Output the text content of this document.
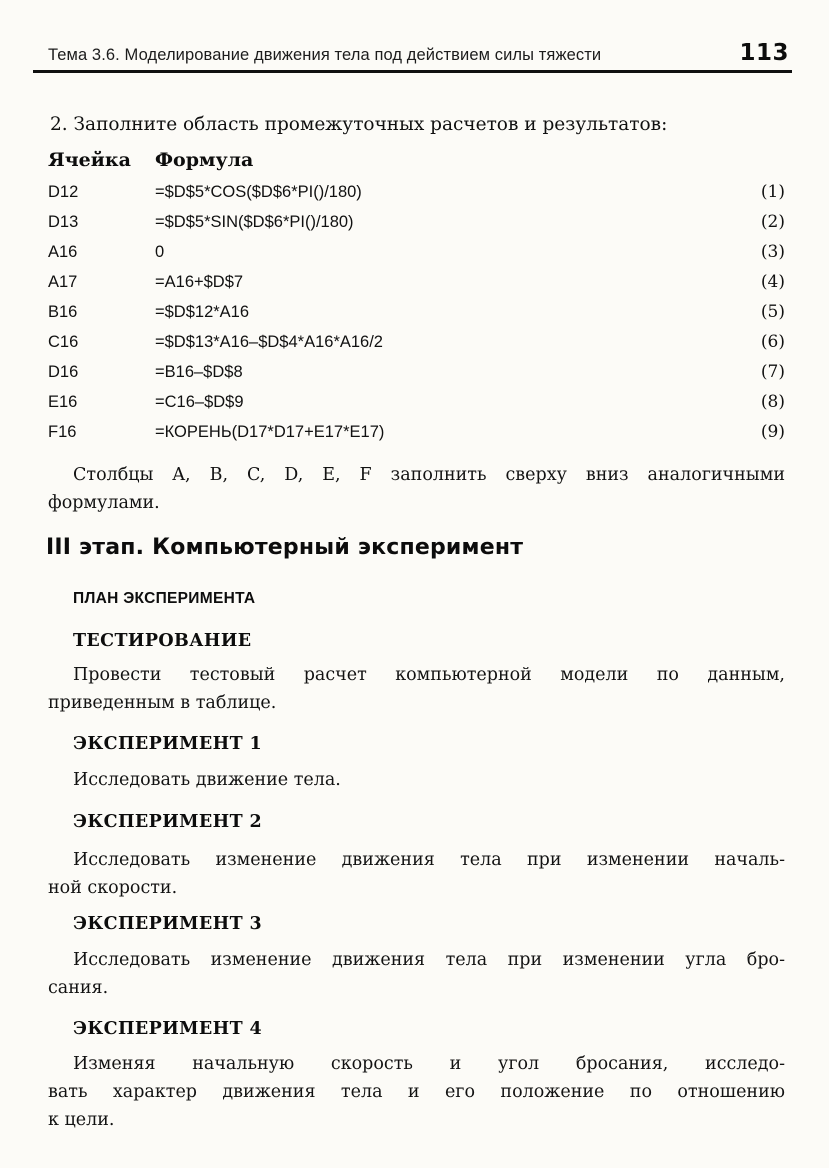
Тема 3.6. Моделирование движения тела под действием силы тяжести	113
2. Заполните область промежуточных расчетов и результатов:
Ячейка	Формула
D12	=$D$5*COS($D$6*PI()/180)	(1)
D13	=$D$5*SIN($D$6*PI()/180)	(2)
A16	0	(3)
A17	=A16+$D$7	(4)
B16	=$D$12*A16	(5)
C16	=$D$13*A16–$D$4*A16*A16/2	(6)
D16	=B16–$D$8	(7)
E16	=C16–$D$9	(8)
F16	=КОРЕНЬ(D17*D17+E17*E17)	(9)
Столбцы A, B, C, D, E, F заполнить сверху вниз аналогичными
формулами.
III этап. Компьютерный эксперимент
ПЛАН ЭКСПЕРИМЕНТА
ТЕСТИРОВАНИЕ
Провести тестовый расчет компьютерной модели по данным,
приведенным в таблице.
ЭКСПЕРИМЕНТ 1
Исследовать движение тела.
ЭКСПЕРИМЕНТ 2
Исследовать изменение движения тела при изменении началь-
ной скорости.
ЭКСПЕРИМЕНТ 3
Исследовать изменение движения тела при изменении угла бро-
сания.
ЭКСПЕРИМЕНТ 4
Изменяя начальную скорость и угол бросания, исследо-
вать характер движения тела и его положение по отношению
к цели.
